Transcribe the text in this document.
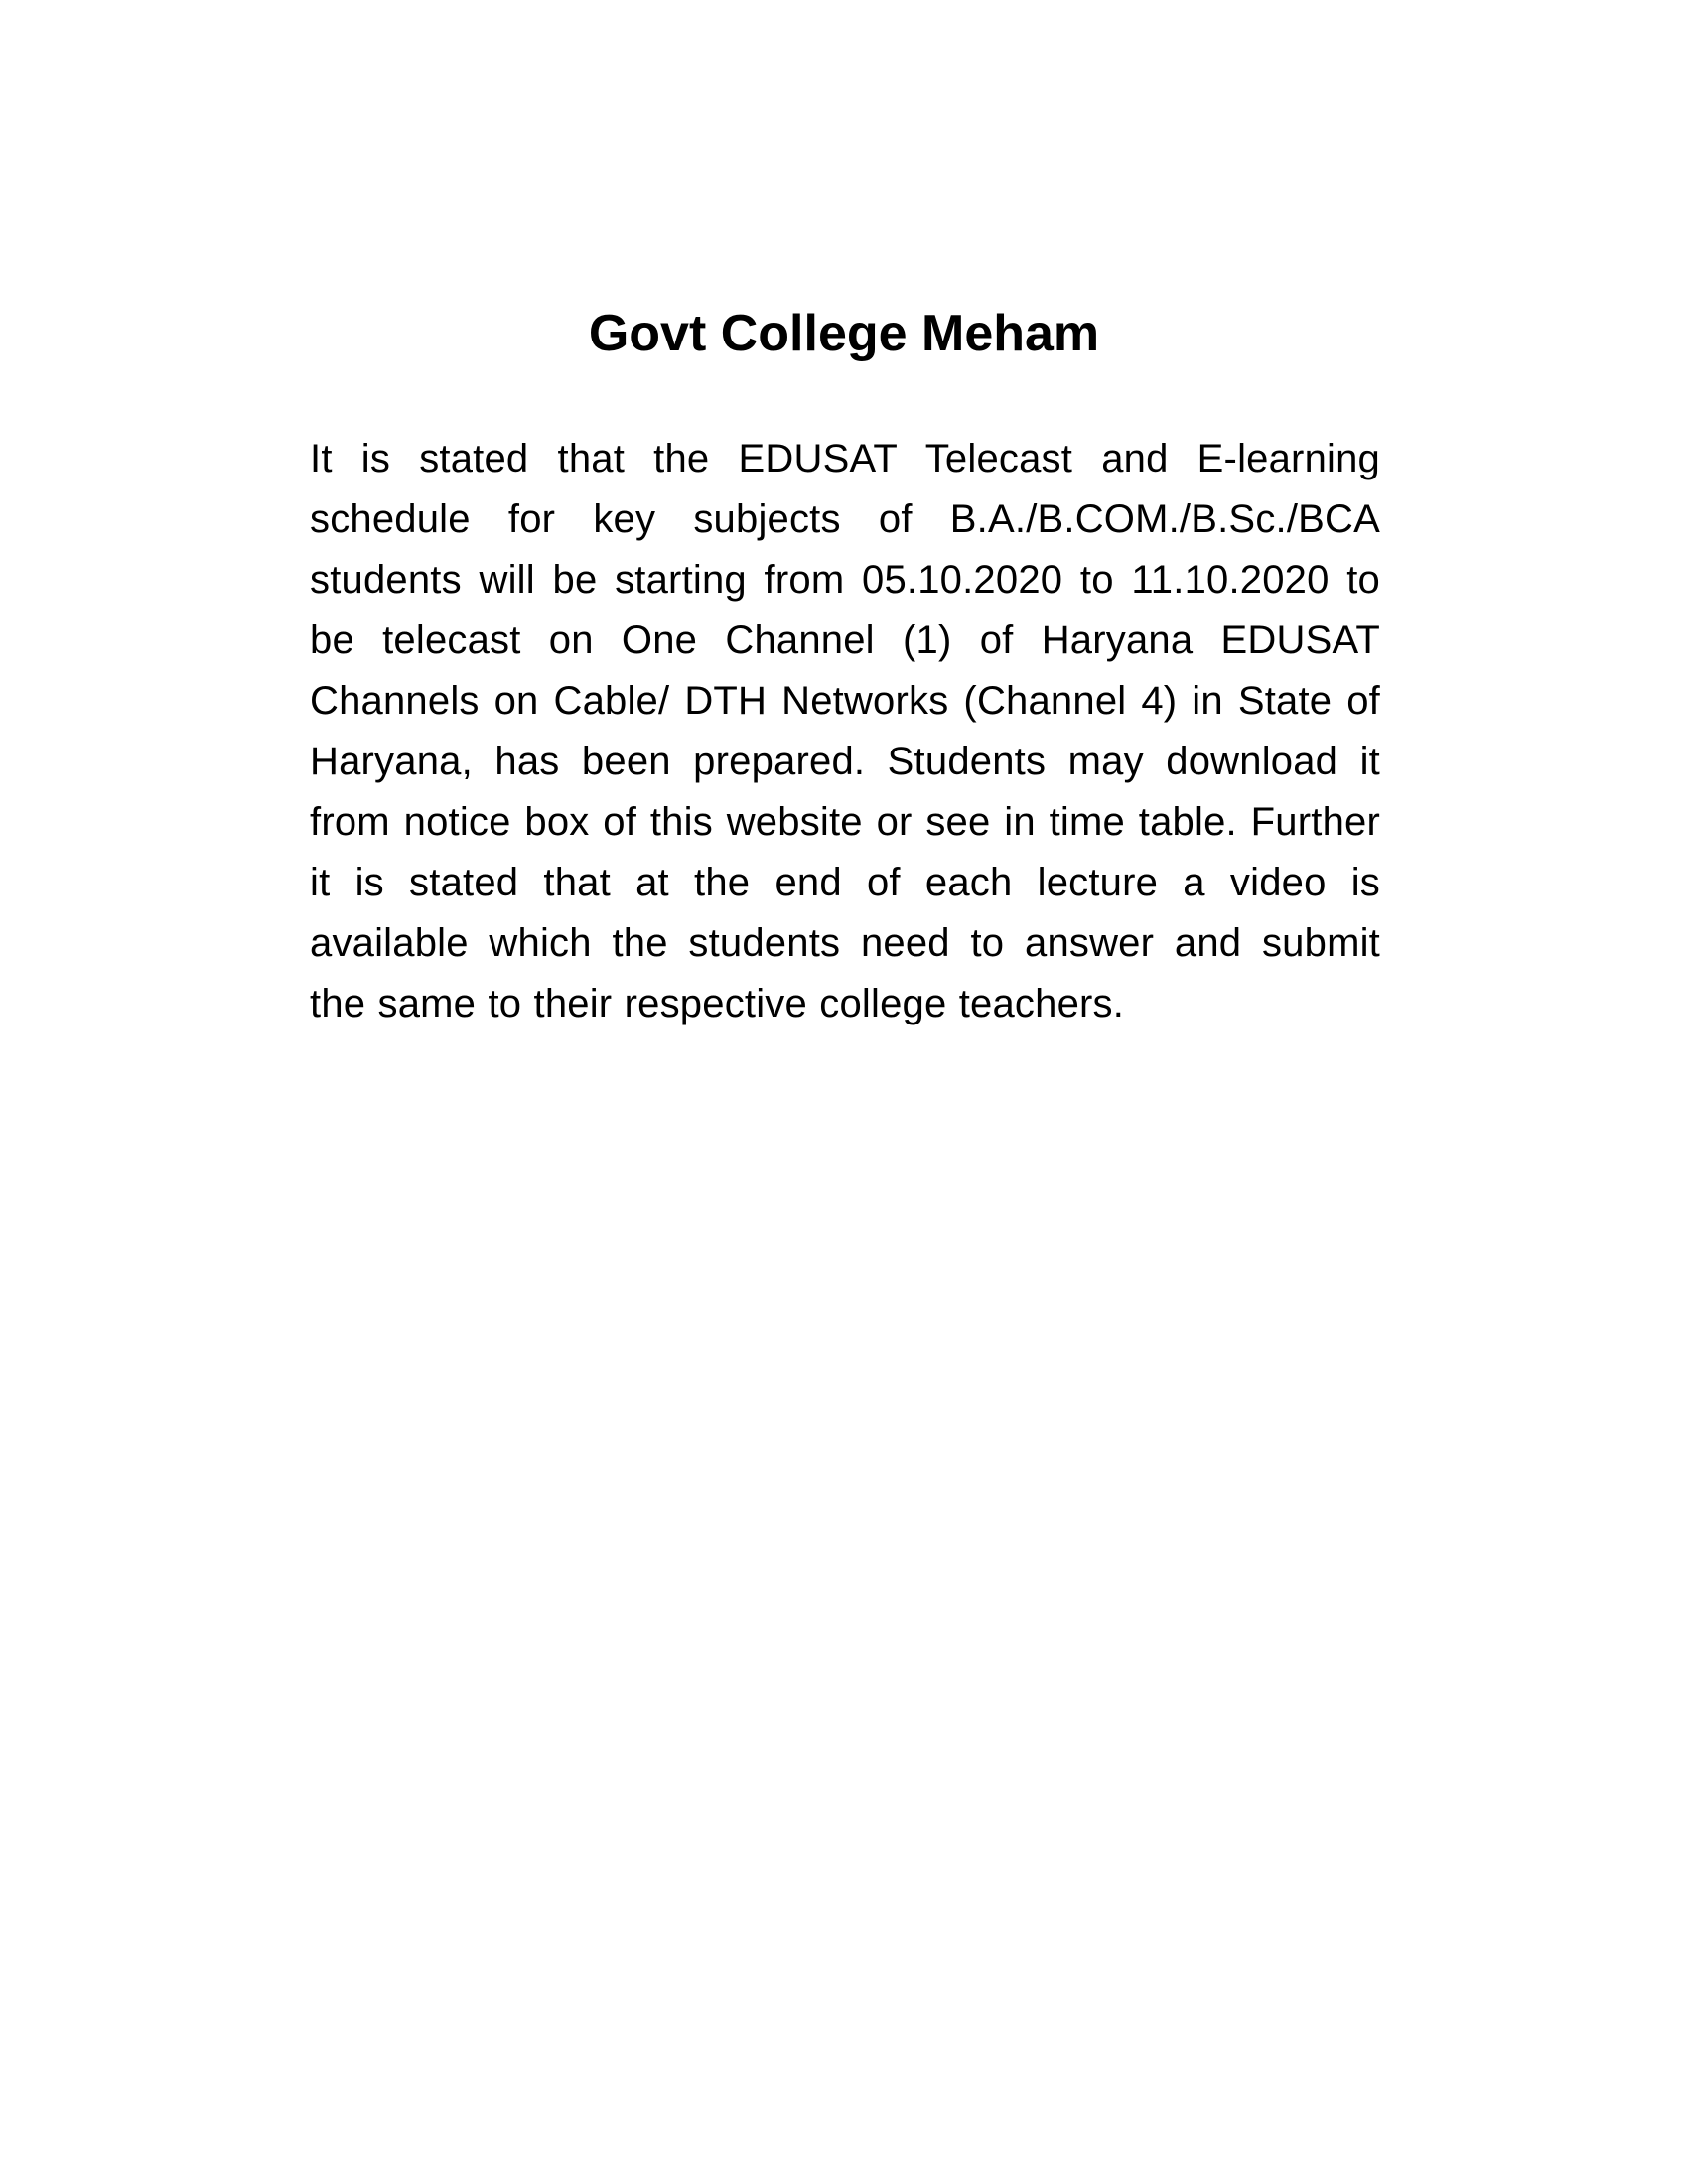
Govt College Meham

It is stated that the EDUSAT Telecast and E-learning schedule for key subjects of B.A./B.COM./B.Sc./BCA students will be starting from 05.10.2020 to 11.10.2020 to be telecast on One Channel (1) of Haryana EDUSAT Channels on Cable/ DTH Networks (Channel 4) in State of Haryana, has been prepared. Students may download it from notice box of this website or see in time table. Further it is stated that at the end of each lecture a video is available which the students need to answer and submit the same to their respective college teachers.
